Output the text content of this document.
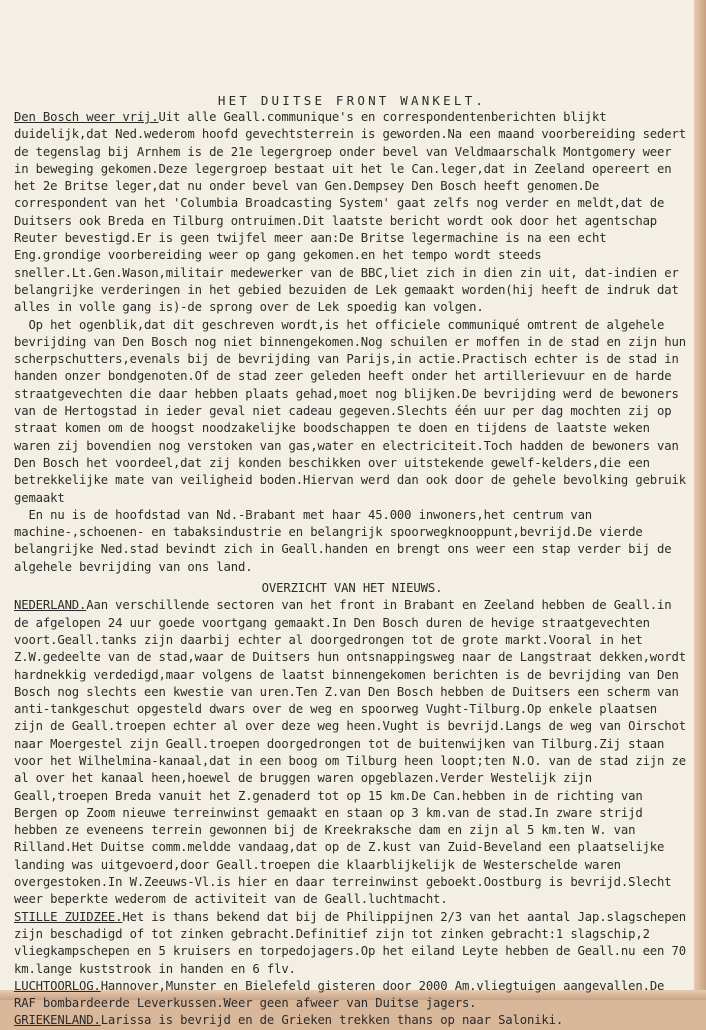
HET DUITSE FRONT WANKELT.
Den Bosch weer vrij.Uit alle Geall.communique's en correspondentenberichten blijkt duidelijk,dat Ned.wederom hoofd gevechtsterrein is geworden.Na een maand voorbereiding sedert de tegenslag bij Arnhem is de 21e legergroep onder bevel van Veldmaarschalk Montgomery weer in beweging gekomen.Deze legergroep bestaat uit het le Can.leger,dat in Zeeland opereert en het 2e Britse leger,dat nu onder bevel van Gen.Dempsey Den Bosch heeft genomen.De correspondent van het 'Columbia Broadcasting System' gaat zelfs nog verder en meldt,dat de Duitsers ook Breda en Tilburg ontruimen.Dit laatste bericht wordt ook door het agentschap Reuter bevestigd.Er is geen twijfel meer aan:De Britse legermachine is na een echt Eng.grondige voorbereiding weer op gang gekomen.en het tempo wordt steeds sneller.Lt.Gen.Wason,militair medewerker van de BBC,liet zich in dien zin uit, dat-indien er belangrijke verderingen in het gebied bezuiden de Lek gemaakt worden(hij heeft de indruk dat alles in volle gang is)-de sprong over de Lek spoedig kan volgen.
Op het ogenblik,dat dit geschreven wordt,is het officiele communiqué omtrent de algehele bevrijding van Den Bosch nog niet binnengekomen.Nog schuilen er moffen in de stad en zijn hun scherpschutters,evenals bij de bevrijding van Parijs,in actie.Practisch echter is de stad in handen onzer bondgenoten.Of de stad zeer geleden heeft onder het artillerievuur en de harde straatgevechten die daar hebben plaats gehad,moet nog blijken.De bevrijding werd de bewoners van de Hertogstad in ieder geval niet cadeau gegeven.Slechts één uur per dag mochten zij op straat komen om de hoogst noodzakelijke boodschappen te doen en tijdens de laatste weken waren zij bovendien nog verstoken van gas,water en electriciteit.Toch hadden de bewoners van Den Bosch het voordeel,dat zij konden beschikken over uitstekende gewelf-kelders,die een betrekkelijke mate van veiligheid boden.Hiervan werd dan ook door de gehele bevolking gebruik gemaakt
En nu is de hoofdstad van Nd.-Brabant met haar 45.000 inwoners,het centrum van machine-,schoenen- en tabaksindustrie en belangrijk spoorwegknooppunt,bevrijd.De vierde belangrijke Ned.stad bevindt zich in Geall.handen en brengt ons weer een stap verder bij de algehele bevrijding van ons land.
OVERZICHT VAN HET NIEUWS.
NEDERLAND.Aan verschillende sectoren van het front in Brabant en Zeeland hebben de Geall.in de afgelopen 24 uur goede voortgang gemaakt.In Den Bosch duren de hevige straatgevechten voort.Geall.tanks zijn daarbij echter al doorgedrongen tot de grote markt.Vooral in het Z.W.gedeelte van de stad,waar de Duitsers hun ontsnappingsweg naar de Langstraat dekken,wordt hardnekkig verdedigd,maar volgens de laatst binnengekomen berichten is de bevrijding van Den Bosch nog slechts een kwestie van uren.Ten Z.van Den Bosch hebben de Duitsers een scherm van anti-tankgeschut opgesteld dwars over de weg en spoorweg Vught-Tilburg.Op enkele plaatsen zijn de Geall.troepen echter al over deze weg heen.Vught is bevrijd.Langs de weg van Oirschot naar Moergestel zijn Geall.troepen doorgedrongen tot de buitenwijken van Tilburg.Zij staan voor het Wilhelmina-kanaal,dat in een boog om Tilburg heen loopt;ten N.O. van de stad zijn ze al over het kanaal heen,hoewel de bruggen waren opgeblazen.Verder Westelijk zijn Geall,troepen Breda vanuit het Z.genaderd tot op 15 km.De Can.hebben in de richting van Bergen op Zoom nieuwe terreinwinst gemaakt en staan op 3 km.van de stad.In zware strijd hebben ze eveneens terrein gewonnen bij de Kreekraksche dam en zijn al 5 km.ten W. van Rilland.Het Duitse comm.meldde vandaag,dat op de Z.kust van Zuid-Beveland een plaatselijke landing was uitgevoerd,door Geall.troepen die klaarblijkelijk de Westerschelde waren overgestoken.In W.Zeeuws-Vl.is hier en daar terreinwinst geboekt.Oostburg is bevrijd.Slecht weer beperkte wederom de activiteit van de Geall.luchtmacht.
STILLE ZUIDZEE.Het is thans bekend dat bij de Philippijnen 2/3 van het aantal Jap.slagschepen zijn beschadigd of tot zinken gebracht.Definitief zijn tot zinken gebracht:1 slagschip,2 vliegkampschepen en 5 kruisers en torpedojagers.Op het eiland Leyte hebben de Geall.nu een 70 km.lange kuststrook in handen en 6 flv.
LUCHTOORLOG.Hannover,Munster en Bielefeld gisteren door 2000 Am.vliegtuigen aangevallen.De RAF bombardeerde Leverkussen.Weer geen afweer van Duitse jagers.
GRIEKENLAND.Larissa is bevrijd en de Grieken trekken thans op naar Saloniki.
